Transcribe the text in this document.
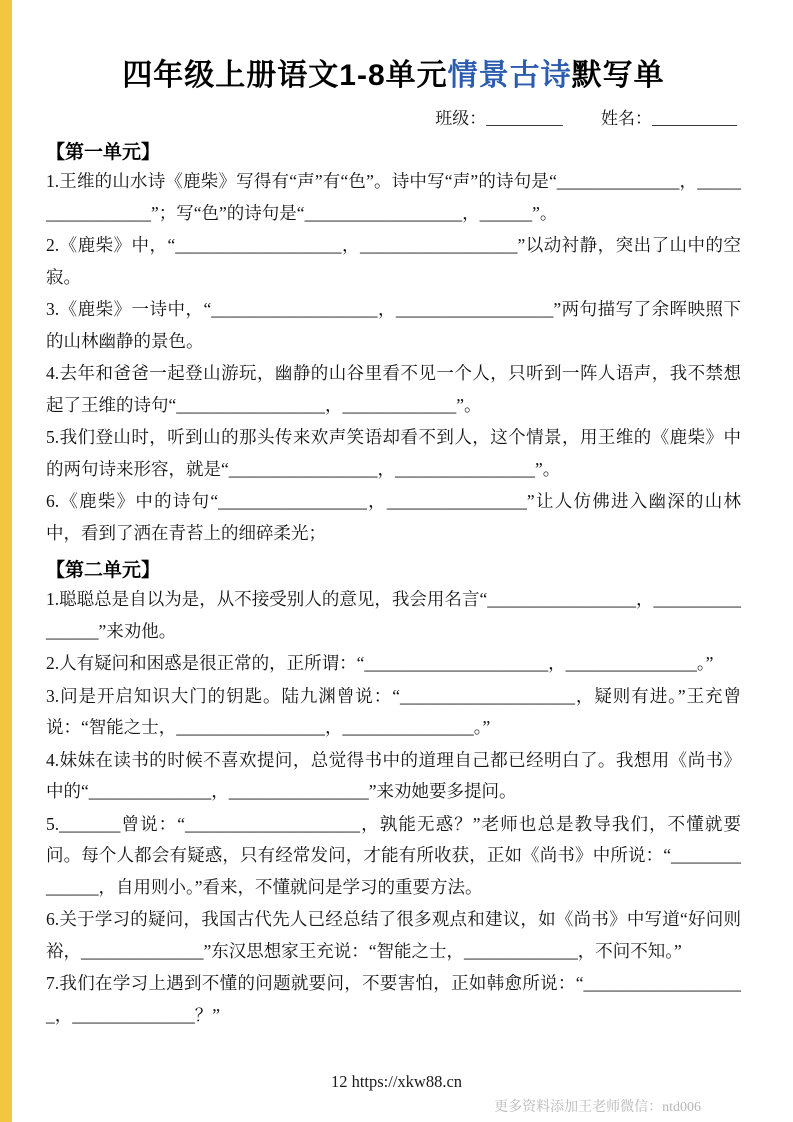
四年级上册语文1-8单元情景古诗默写单
班级：_________ 姓名：__________
【第一单元】

1.王维的山水诗《鹿柴》写得有“声”有“色”。诗中写“声”的诗句是“______________，_________________”；写“色”的诗句是“__________________，______”。

2.《鹿柴》中，“___________________，__________________”以动衬静，突出了山中的空寂。

3.《鹿柴》一诗中，“___________________，__________________”两句描写了余晖映照下的山林幽静的景色。

4.去年和爸爸一起登山游玩，幽静的山谷里看不见一个人，只听到一阵人语声，我不禁想起了王维的诗句“_________________，_____________”。

5.我们登山时，听到山的那头传来欢声笑语却看不到人，这个情景，用王维的《鹿柴》中的两句诗来形容，就是“_________________，________________”。

6.《鹿柴》中的诗句“_________________，________________”让人仿佛进入幽深的山林中，看到了洒在青苔上的细碎柔光；

【第二单元】

1.聪聪总是自以为是，从不接受别人的意见，我会用名言“_________________，________________”来劝他。

2.人有疑问和困惑是很正常的，正所谓：“_____________________，_______________。”

3.问是开启知识大门的钥匙。陆九渊曾说：“____________________，疑则有进。”王充曾说：“智能之士，_________________，_______________。”

4.妹妹在读书的时候不喜欢提问，总觉得书中的道理自己都已经明白了。我想用《尚书》中的“______________，________________”来劝她要多提问。

5._______曾说：“____________________，孰能无惑？”老师也总是教导我们，不懂就要问。每个人都会有疑惑，只有经常发问，才能有所收获，正如《尚书》中所说：“______________，自用则小。”看来，不懂就问是学习的重要方法。

6.关于学习的疑问，我国古代先人已经总结了很多观点和建议，如《尚书》中写道“好问则裕，______________”东汉思想家王充说：“智能之士，_____________，不问不知。”

7.我们在学习上遇到不懂的问题就要问，不要害怕，正如韩愈所说：“___________________，______________？”

12 https://xkw88.cn
更多资料添加王老师微信：ntd006
